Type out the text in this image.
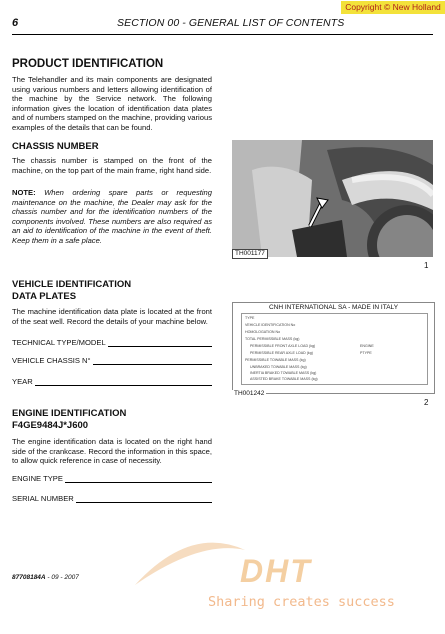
Copyright © New Holland
6	SECTION 00 - GENERAL LIST OF CONTENTS
PRODUCT IDENTIFICATION
The Telehandler and its main components are designated using various numbers and letters allowing identification of the machine by the Service network. The following information gives the location of identification data plates and of numbers stamped on the machine, providing various examples of the details that can be found.
CHASSIS NUMBER
The chassis number is stamped on the front of the machine, on the top part of the main frame, right hand side.
NOTE: When ordering spare parts or requesting maintenance on the machine, the Dealer may ask for the chassis number and for the identification numbers of the components involved. These numbers are also required as an aid to identification of the machine in the event of theft. Keep them in a safe place.
TH001177
1
VEHICLE IDENTIFICATION
DATA PLATES
The machine identification data plate is located at the front of the seat well. Record the details of your machine below.
TECHNICAL TYPE/MODEL
VEHICLE CHASSIS N°
YEAR
CNH INTERNATIONAL SA - MADE IN ITALY
TYPE
VEHICLE IDENTIFICATION No
HOMOLOGATION No
TOTAL PERMISSIBLE MASS (kg)
PERMISSIBLE FRONT AXLE LOAD (kg)
PERMISSIBLE REAR AXLE LOAD (kg)
PERMISSIBLE TOWABLE MASS (kg)
UNBRAKED TOWABLE MASS (kg)
INERTIA BRAKED TOWABLE MASS (kg)
ASSISTED BRAKE TOWABLE MASS (kg)
ENGINE
PTYPE
TH001242
2
ENGINE IDENTIFICATION
F4GE9484J*J600
The engine identification data is located on the right hand side of the crankcase. Record the information in this space, to allow quick reference in case of necessity.
ENGINE TYPE
SERIAL NUMBER
DHT
Sharing creates success
87708184A - 09 - 2007
